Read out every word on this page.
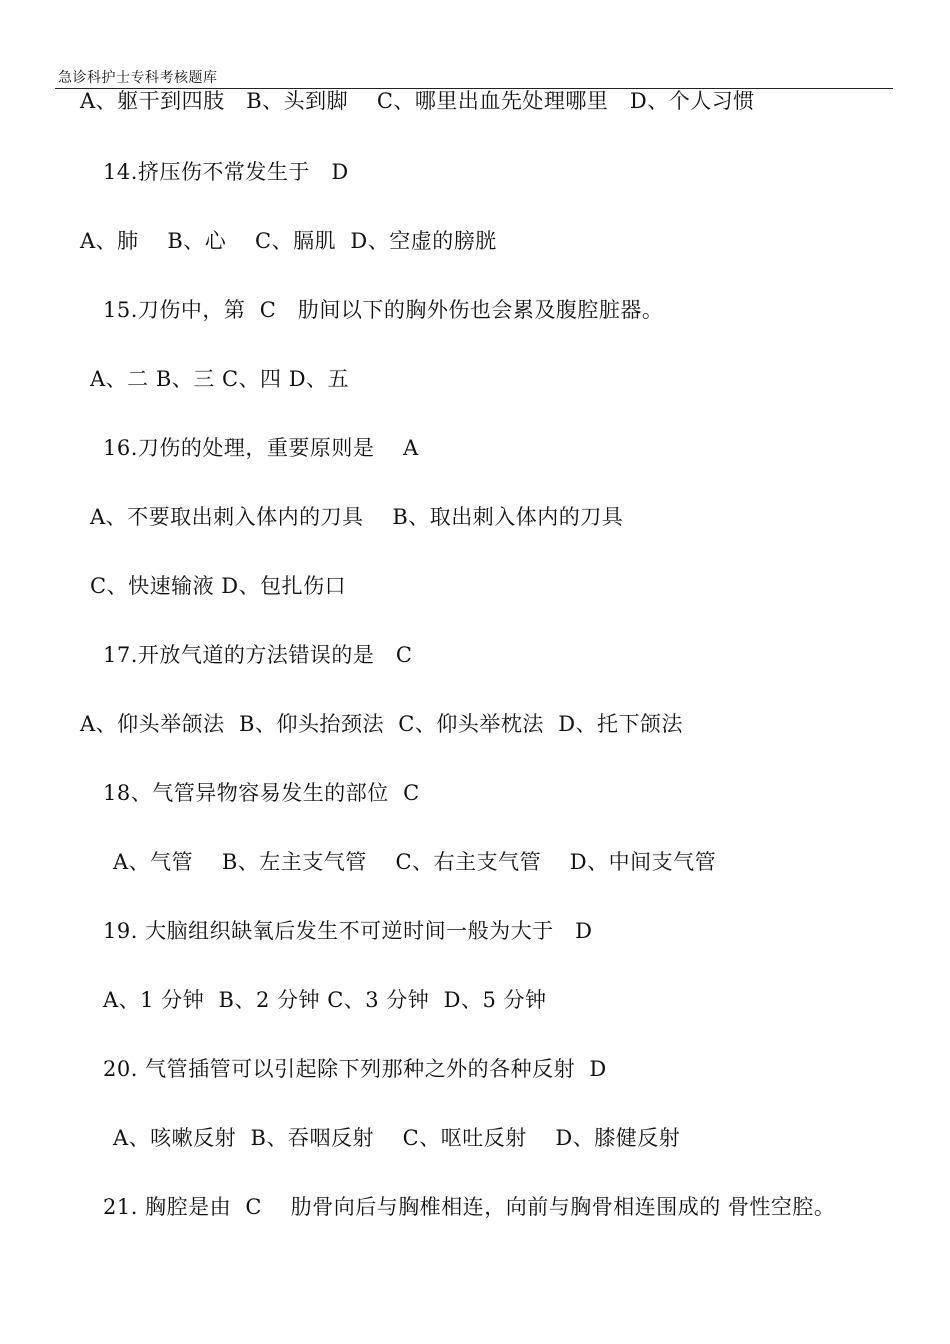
急诊科护士专科考核题库
A、躯干到四肢   B、头到脚    C、哪里出血先处理哪里   D、个人习惯
14.挤压伤不常发生于   D
A、肺    B、心    C、膈肌  D、空虚的膀胱
15.刀伤中，第  C   肋间以下的胸外伤也会累及腹腔脏器。
A、二 B、三 C、四 D、五
16.刀伤的处理，重要原则是    A
A、不要取出刺入体内的刀具    B、取出刺入体内的刀具
C、快速输液 D、包扎伤口
17.开放气道的方法错误的是   C
A、仰头举颌法  B、仰头抬颈法  C、仰头举枕法  D、托下颌法
18、气管异物容易发生的部位  C
A、气管    B、左主支气管    C、右主支气管    D、中间支气管
19. 大脑组织缺氧后发生不可逆时间一般为大于   D
A、1 分钟  B、2 分钟 C、3 分钟  D、5 分钟
20. 气管插管可以引起除下列那种之外的各种反射  D
A、咳嗽反射  B、吞咽反射    C、呕吐反射    D、膝健反射
21. 胸腔是由  C    肋骨向后与胸椎相连，向前与胸骨相连围成的 骨性空腔。
